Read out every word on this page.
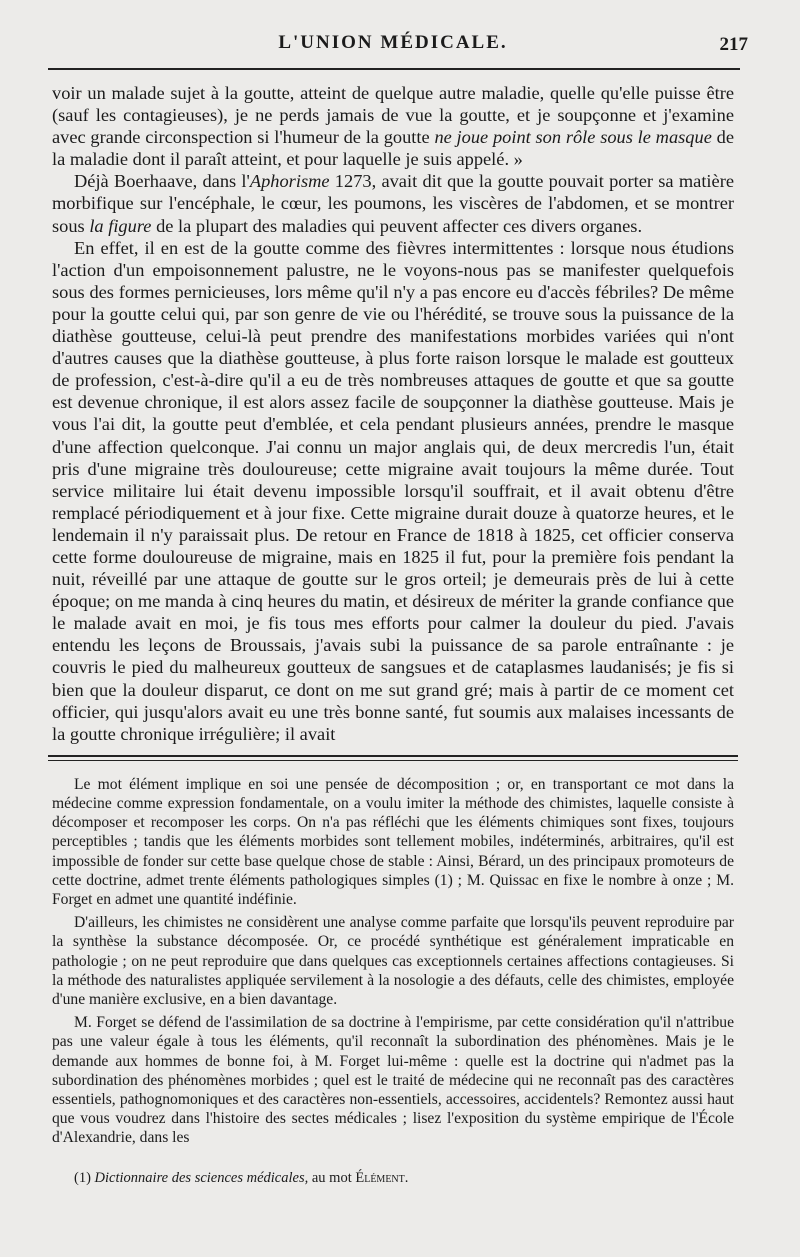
L'UNION MÉDICALE.	217

voir un malade sujet à la goutte, atteint de quelque autre maladie, quelle qu'elle puisse être (sauf les contagieuses), je ne perds jamais de vue la goutte, et je soupçonne et j'examine avec grande circonspection si l'humeur de la goutte ne joue point son rôle sous le masque de la maladie dont il paraît atteint, et pour laquelle je suis appelé. »

Déjà Boerhaave, dans l'Aphorisme 1273, avait dit que la goutte pouvait porter sa matière morbifique sur l'encéphale, le cœur, les poumons, les viscères de l'abdomen, et se montrer sous la figure de la plupart des maladies qui peuvent affecter ces divers organes.

En effet, il en est de la goutte comme des fièvres intermittentes : lorsque nous étudions l'action d'un empoisonnement palustre, ne le voyons-nous pas se manifester quelquefois sous des formes pernicieuses, lors même qu'il n'y a pas encore eu d'accès fébriles? De même pour la goutte celui qui, par son genre de vie ou l'hérédité, se trouve sous la puissance de la diathèse goutteuse, celui-là peut prendre des manifestations morbides variées qui n'ont d'autres causes que la diathèse goutteuse, à plus forte raison lorsque le malade est goutteux de profession, c'est-à-dire qu'il a eu de très nombreuses attaques de goutte et que sa goutte est devenue chronique, il est alors assez facile de soupçonner la diathèse goutteuse. Mais je vous l'ai dit, la goutte peut d'emblée, et cela pendant plusieurs années, prendre le masque d'une affection quelconque. J'ai connu un major anglais qui, de deux mercredis l'un, était pris d'une migraine très douloureuse; cette migraine avait toujours la même durée. Tout service militaire lui était devenu impossible lorsqu'il souffrait, et il avait obtenu d'être remplacé périodiquement et à jour fixe. Cette migraine durait douze à quatorze heures, et le lendemain il n'y paraissait plus. De retour en France de 1818 à 1825, cet officier conserva cette forme douloureuse de migraine, mais en 1825 il fut, pour la première fois pendant la nuit, réveillé par une attaque de goutte sur le gros orteil; je demeurais près de lui à cette époque; on me manda à cinq heures du matin, et désireux de mériter la grande confiance que le malade avait en moi, je fis tous mes efforts pour calmer la douleur du pied. J'avais entendu les leçons de Broussais, j'avais subi la puissance de sa parole entraînante : je couvris le pied du malheureux goutteux de sangsues et de cataplasmes laudanisés; je fis si bien que la douleur disparut, ce dont on me sut grand gré; mais à partir de ce moment cet officier, qui jusqu'alors avait eu une très bonne santé, fut soumis aux malaises incessants de la goutte chronique irrégulière; il avait

Le mot élément implique en soi une pensée de décomposition ; or, en transportant ce mot dans la médecine comme expression fondamentale, on a voulu imiter la méthode des chimistes, laquelle consiste à décomposer et recomposer les corps. On n'a pas réfléchi que les éléments chimiques sont fixes, toujours perceptibles ; tandis que les éléments morbides sont tellement mobiles, indéterminés, arbitraires, qu'il est impossible de fonder sur cette base quelque chose de stable : Ainsi, Bérard, un des principaux promoteurs de cette doctrine, admet trente éléments pathologiques simples (1) ; M. Quissac en fixe le nombre à onze ; M. Forget en admet une quantité indéfinie.

D'ailleurs, les chimistes ne considèrent une analyse comme parfaite que lorsqu'ils peuvent reproduire par la synthèse la substance décomposée. Or, ce procédé synthétique est généralement impraticable en pathologie ; on ne peut reproduire que dans quelques cas exceptionnels certaines affections contagieuses. Si la méthode des naturalistes appliquée servilement à la nosologie a des défauts, celle des chimistes, employée d'une manière exclusive, en a bien davantage.

M. Forget se défend de l'assimilation de sa doctrine à l'empirisme, par cette considération qu'il n'attribue pas une valeur égale à tous les éléments, qu'il reconnaît la subordination des phénomènes. Mais je le demande aux hommes de bonne foi, à M. Forget lui-même : quelle est la doctrine qui n'admet pas la subordination des phénomènes morbides ; quel est le traité de médecine qui ne reconnaît pas des caractères essentiels, pathognomoniques et des caractères non-essentiels, accessoires, accidentels? Remontez aussi haut que vous voudrez dans l'histoire des sectes médicales ; lisez l'exposition du système empirique de l'École d'Alexandrie, dans les

(1) Dictionnaire des sciences médicales, au mot Élément.
